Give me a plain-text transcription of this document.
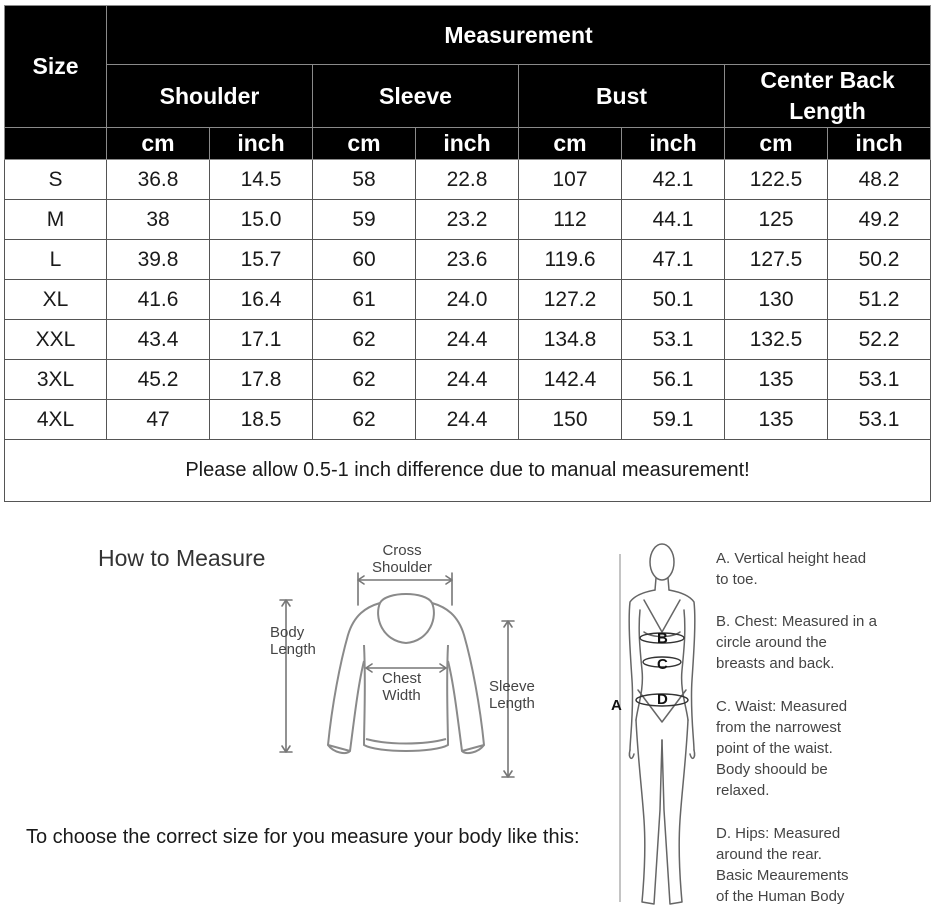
Size	Measurement							
	Shoulder		Sleeve		Bust		Center Back Length	
	cm	inch	cm	inch	cm	inch	cm	inch
S	36.8	14.5	58	22.8	107	42.1	122.5	48.2
M	38	15.0	59	23.2	112	44.1	125	49.2
L	39.8	15.7	60	23.6	119.6	47.1	127.5	50.2
XL	41.6	16.4	61	24.0	127.2	50.1	130	51.2
XXL	43.4	17.1	62	24.4	134.8	53.1	132.5	52.2
3XL	45.2	17.8	62	24.4	142.4	56.1	135	53.1
4XL	47	18.5	62	24.4	150	59.1	135	53.1
Please allow 0.5-1 inch difference due to manual measurement!								
How to Measure	Cross
Shoulder
Body
Length
Chest
Width
Sleeve
Length
To choose the correct size for you measure your body like this:
A
B
C
D
A. Vertical height head
to toe.
B. Chest: Measured in a
circle around the
breasts and back.
C. Waist: Measured
from the narrowest
point of the waist.
Body shoould be
relaxed.
D. Hips: Measured
around the rear.
Basic Meaurements
of the Human Body
